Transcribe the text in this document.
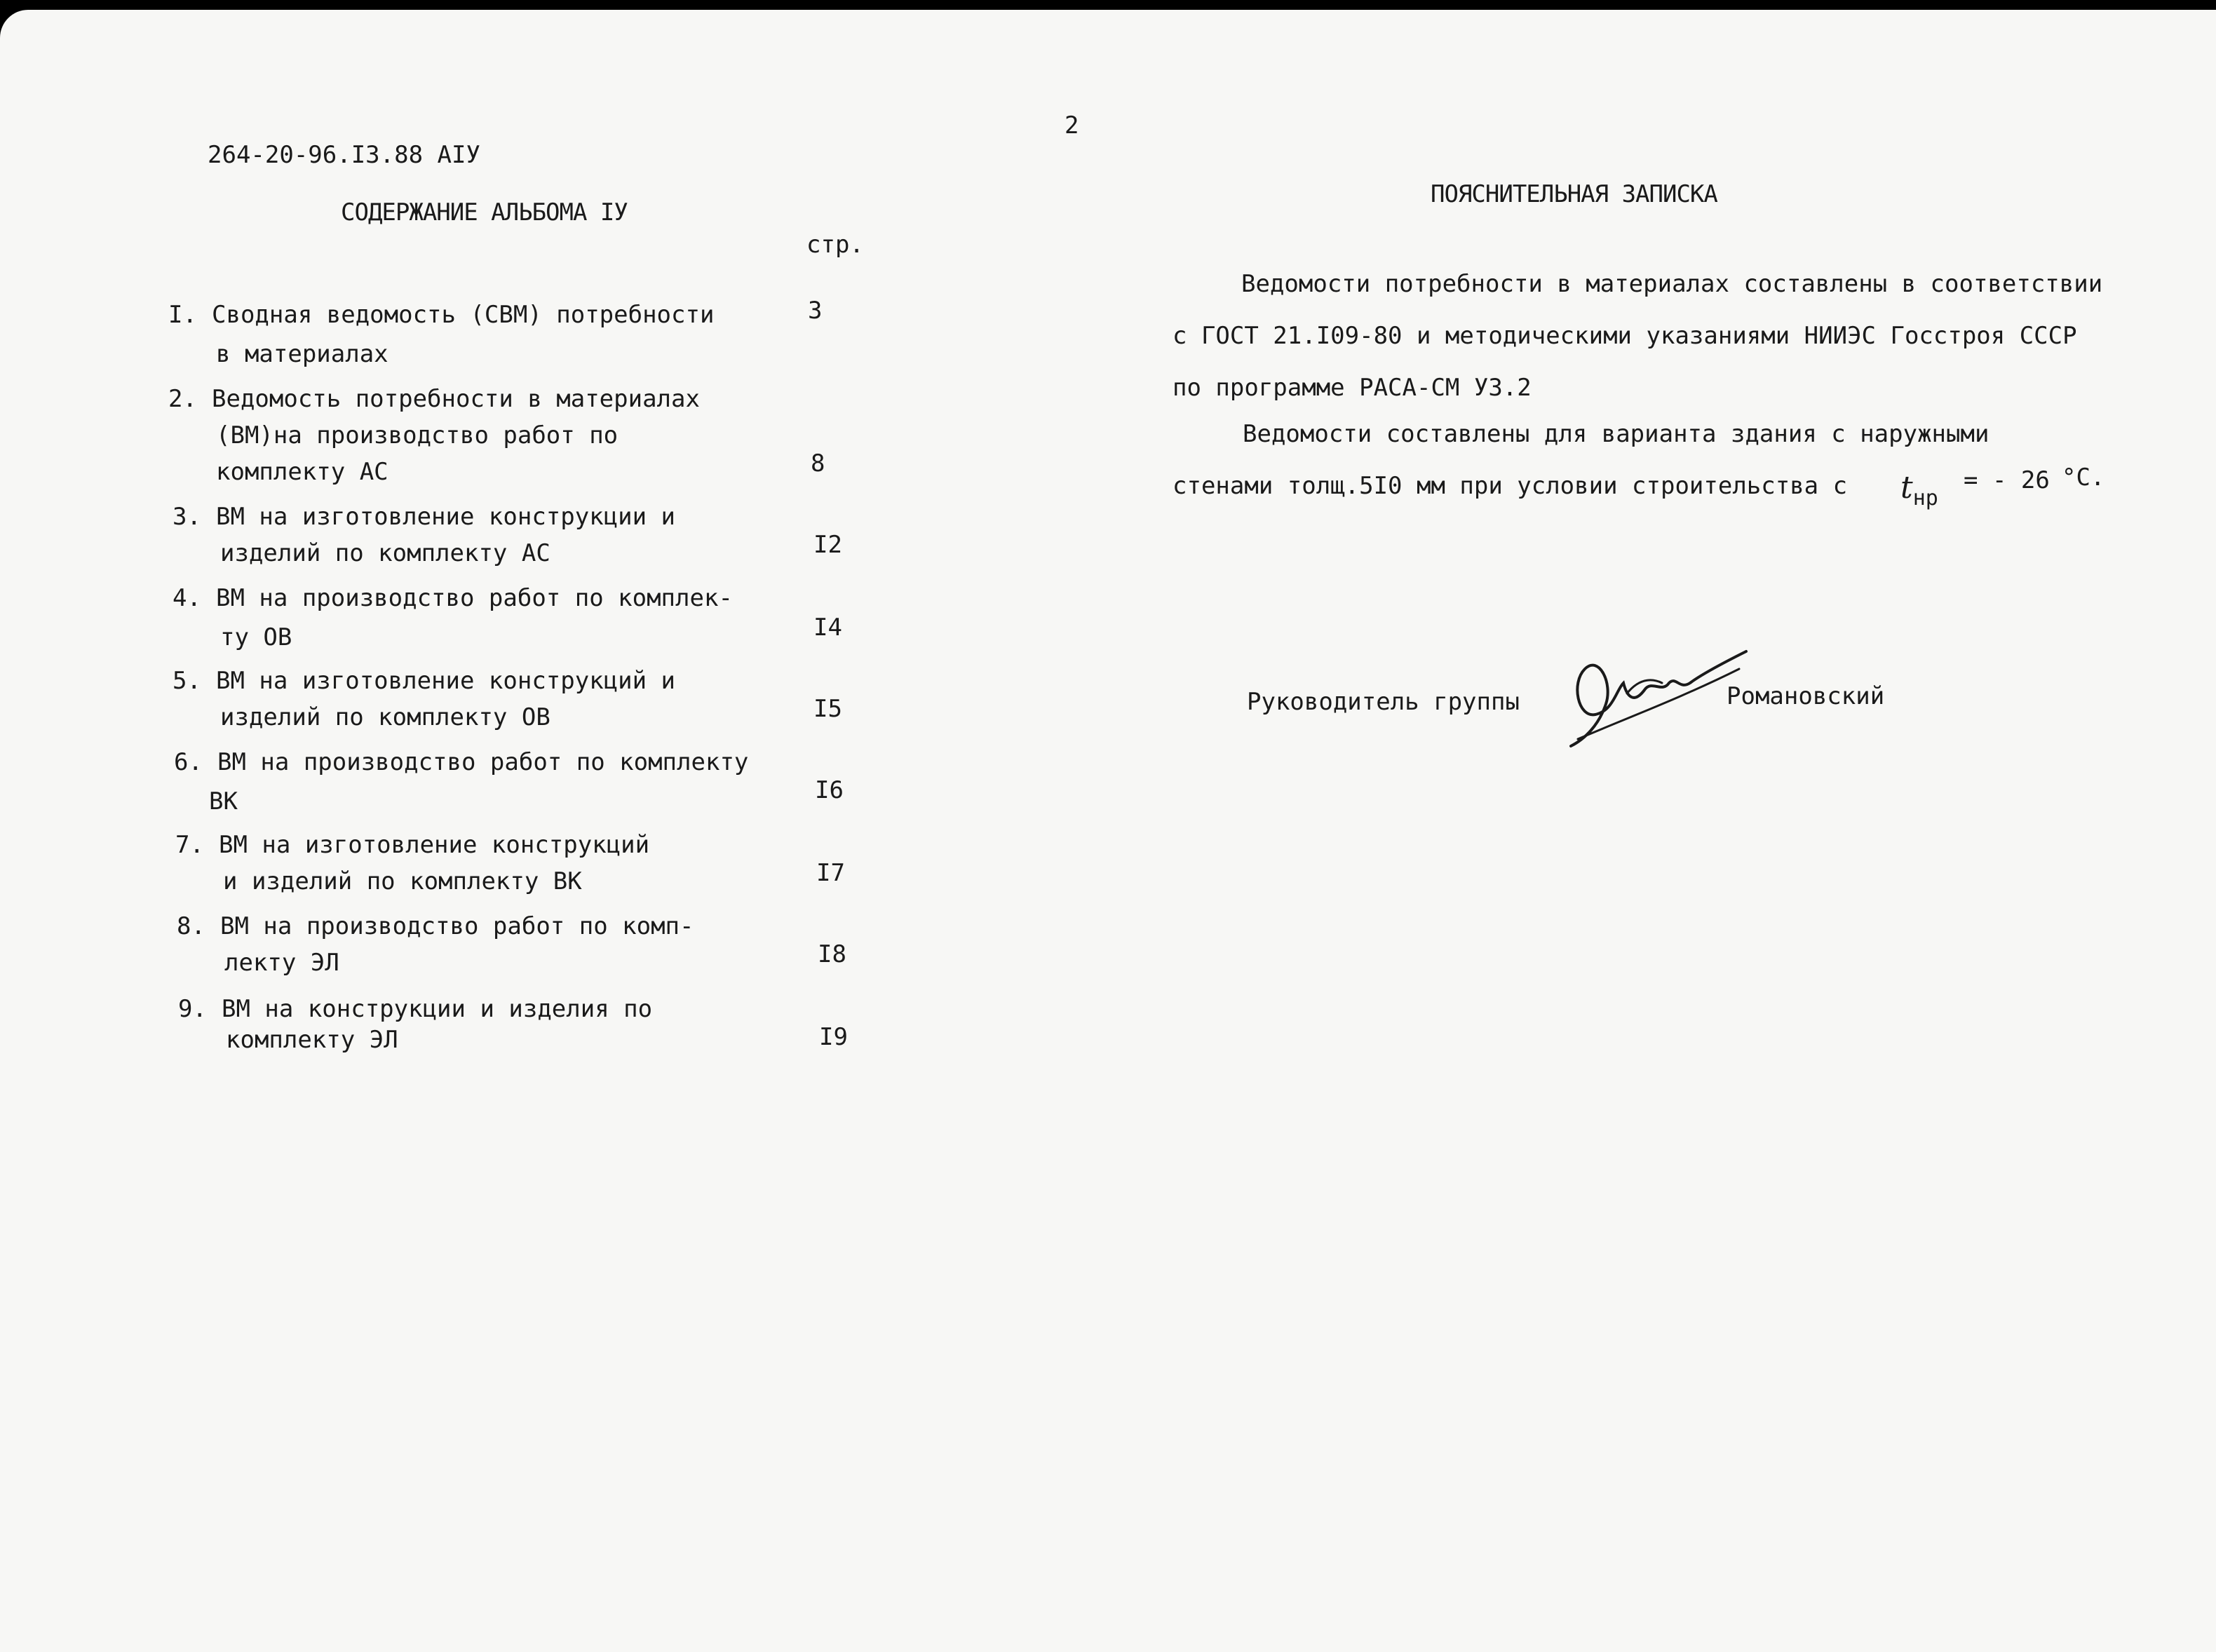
2
264-20-96.I3.88 AIУ
СОДЕРЖАНИЕ АЛЬБОМА IУ
стр.
I. Сводная ведомость (СВМ) потребности
в материалах
3
2. Ведомость потребности в материалах
(ВМ)на производство работ по
комплекту АС	8
3. ВМ на изготовление конструкции и
изделий по комплекту АС	I2
4. ВМ на производство работ по комплек-
ту ОВ	I4
5. ВМ на изготовление конструкций и
изделий по комплекту ОВ	I5
6. ВМ на производство работ по комплекту
ВК	I6
7. ВМ на изготовление конструкций
и изделий по комплекту ВК	I7
8. ВМ на производство работ по комп-
лекту ЭЛ	I8
9. ВМ на конструкции и изделия по
комплекту ЭЛ	I9
ПОЯСНИТЕЛЬНАЯ ЗАПИСКА
Ведомости потребности в материалах составлены в соответствии
с ГОСТ 21.I09-80 и методическими указаниями НИИЭС Госстроя СССР
по программе РАСА-СМ У3.2
Ведомости составлены для варианта здания с наружными
стенами толщ.5I0 мм при условии строительства с $t_{нр}$
= - 26 °С.
Руководитель группы	Романовский
